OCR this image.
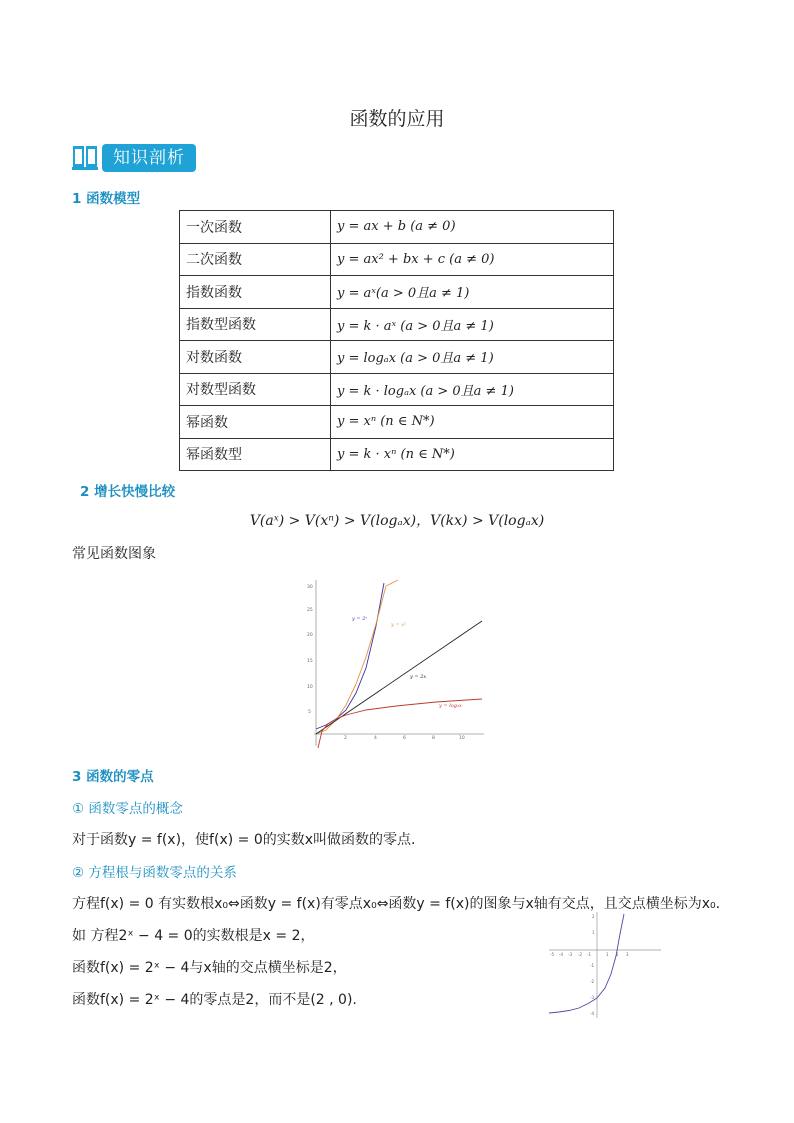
函数的应用
知识剖析
1 函数模型
一次函数	y = ax + b (a ≠ 0)
二次函数	y = ax² + bx + c (a ≠ 0)
指数函数	y = aˣ(a > 0且a ≠ 1)
指数型函数	y = k · aˣ (a > 0且a ≠ 1)
对数函数	y = logₐx (a > 0且a ≠ 1)
对数型函数	y = k · logₐx (a > 0且a ≠ 1)
幂函数	y = xⁿ (n ∈ N*)
幂函数型	y = k · xⁿ (n ∈ N*)
2 增长快慢比较
V(aˣ) > V(xⁿ) > V(logₐx)，V(kx) > V(logₐx)
常见函数图象
5
10
15
20
25
30
2	4	6	8	10
y = 2ˣ
y = x²
y = 2x
y = log₂x
3 函数的零点
① 函数零点的概念
对于函数y = f(x)，使f(x) = 0的实数x叫做函数的零点.
② 方程根与函数零点的关系
方程f(x) = 0 有实数根x₀⇔函数y = f(x)有零点x₀⇔函数y = f(x)的图象与x轴有交点，且交点横坐标为x₀.
如 方程2ˣ − 4 = 0的实数根是x = 2，
函数f(x) = 2ˣ − 4与x轴的交点横坐标是2，
函数f(x) = 2ˣ − 4的零点是2，而不是(2 , 0).
-5 -4 -3 -2 -1	1 2 3
2
1
-1
-2
-3
-4
